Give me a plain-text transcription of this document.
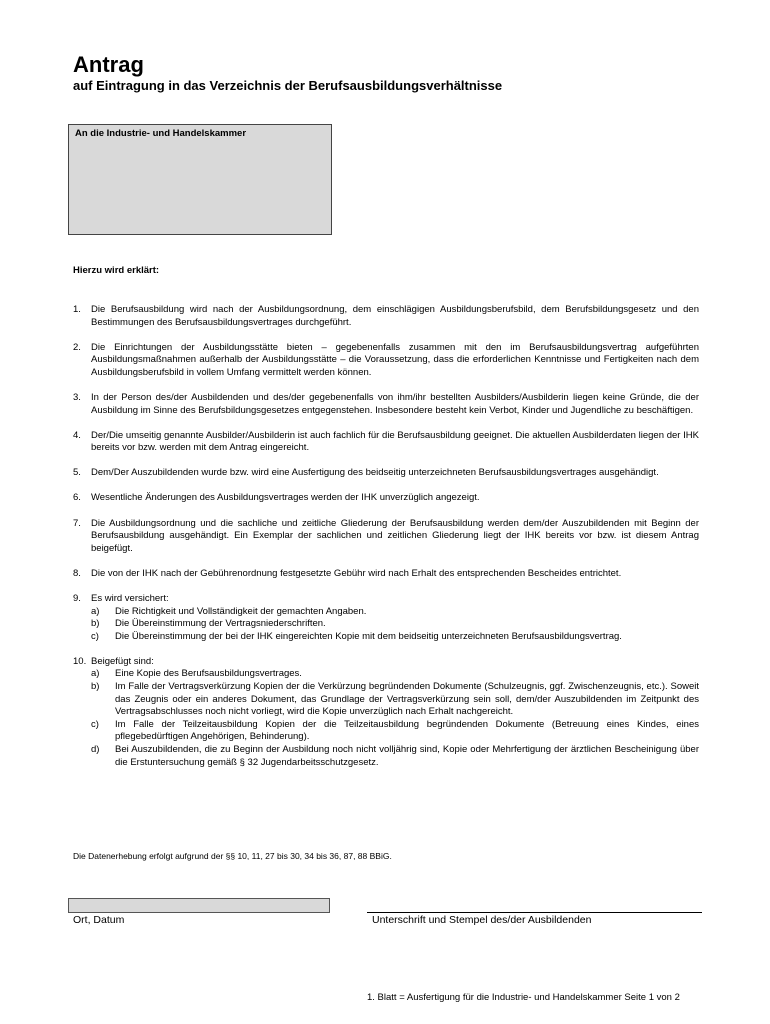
Antrag
auf Eintragung in das Verzeichnis der Berufsausbildungsverhältnisse
An die Industrie- und Handelskammer

Hierzu wird erklärt:

1. Die Berufsausbildung wird nach der Ausbildungsordnung, dem einschlägigen Ausbildungsberufsbild, dem Berufsbildungsgesetz und den Bestimmungen des Berufsausbildungsvertrages durchgeführt.
2. Die Einrichtungen der Ausbildungsstätte bieten – gegebenenfalls zusammen mit den im Berufsausbildungsvertrag aufgeführten Ausbildungsmaßnahmen außerhalb der Ausbildungsstätte – die Voraussetzung, dass die erforderlichen Kenntnisse und Fertigkeiten nach dem Ausbildungsberufsbild in vollem Umfang vermittelt werden können.
3. In der Person des/der Ausbildenden und des/der gegebenenfalls von ihm/ihr bestellten Ausbilders/Ausbilderin liegen keine Gründe, die der Ausbildung im Sinne des Berufsbildungsgesetzes entgegenstehen. Insbesondere besteht kein Verbot, Kinder und Jugendliche zu beschäftigen.
4. Der/Die umseitig genannte Ausbilder/Ausbilderin ist auch fachlich für die Berufsausbildung geeignet. Die aktuellen Ausbilderdaten liegen der IHK bereits vor bzw. werden mit dem Antrag eingereicht.
5. Dem/Der Auszubildenden wurde bzw. wird eine Ausfertigung des beidseitig unterzeichneten Berufsausbildungsvertrages ausgehändigt.
6. Wesentliche Änderungen des Ausbildungsvertrages werden der IHK unverzüglich angezeigt.
7. Die Ausbildungsordnung und die sachliche und zeitliche Gliederung der Berufsausbildung werden dem/der Auszubildenden mit Beginn der Berufsausbildung ausgehändigt. Ein Exemplar der sachlichen und zeitlichen Gliederung liegt der IHK bereits vor bzw. ist diesem Antrag beigefügt.
8. Die von der IHK nach der Gebührenordnung festgesetzte Gebühr wird nach Erhalt des entsprechenden Bescheides entrichtet.
9. Es wird versichert:
a) Die Richtigkeit und Vollständigkeit der gemachten Angaben.
b) Die Übereinstimmung der Vertragsniederschriften.
c) Die Übereinstimmung der bei der IHK eingereichten Kopie mit dem beidseitig unterzeichneten Berufsausbildungsvertrag.
10. Beigefügt sind:
a) Eine Kopie des Berufsausbildungsvertrages.
b) Im Falle der Vertragsverkürzung Kopien der die Verkürzung begründenden Dokumente (Schulzeugnis, ggf. Zwischenzeugnis, etc.). Soweit das Zeugnis oder ein anderes Dokument, das Grundlage der Vertragsverkürzung sein soll, dem/der Auszubildenden im Zeitpunkt des Vertragsabschlusses noch nicht vorliegt, wird die Kopie unverzüglich nach Erhalt nachgereicht.
c) Im Falle der Teilzeitausbildung Kopien der die Teilzeitausbildung begründenden Dokumente (Betreuung eines Kindes, eines pflegebedürftigen Angehörigen, Behinderung).
d) Bei Auszubildenden, die zu Beginn der Ausbildung noch nicht volljährig sind, Kopie oder Mehrfertigung der ärztlichen Bescheinigung über die Erstuntersuchung gemäß § 32 Jugendarbeitsschutzgesetz.

Die Datenerhebung erfolgt aufgrund der §§ 10, 11, 27 bis 30, 34 bis 36, 87, 88 BBiG.

Ort, Datum	Unterschrift und Stempel des/der Ausbildenden
1. Blatt = Ausfertigung für die Industrie- und Handelskammer Seite 1 von 2
